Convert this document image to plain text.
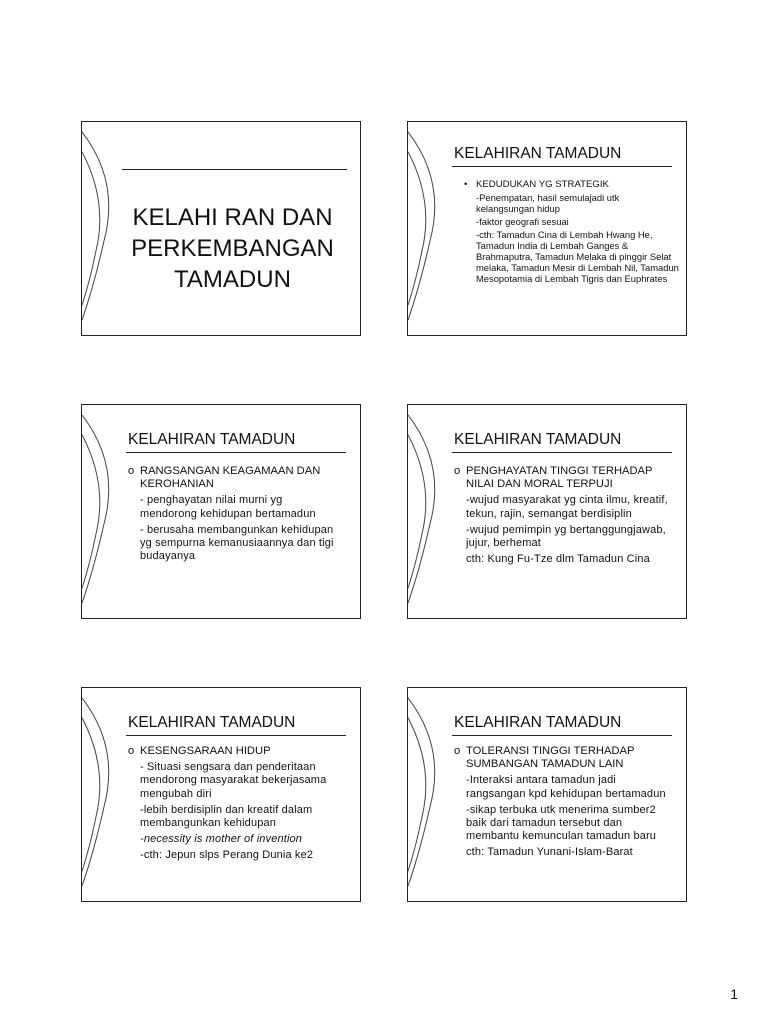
KELAHI RAN DAN
PERKEMBANGAN
TAMADUN
KELAHIRAN TAMADUN
• KEDUDUKAN YG STRATEGIK
-Penempatan, hasil semulajadi utk kelangsungan hidup
-faktor geografi sesuai
-cth: Tamadun Cina di Lembah Hwang He, Tamadun India di Lembah Ganges & Brahmaputra, Tamadun Melaka di pinggir Selat melaka, Tamadun Mesir di Lembah Nil, Tamadun Mesopotamia di Lembah Tigris dan Euphrates
KELAHIRAN TAMADUN
o RANGSANGAN KEAGAMAAN DAN KEROHANIAN
- penghayatan nilai murni yg mendorong kehidupan bertamadun
- berusaha membangunkan kehidupan yg sempurna kemanusiaannya dan tigi budayanya
KELAHIRAN TAMADUN
o PENGHAYATAN TINGGI TERHADAP NILAI DAN MORAL TERPUJI
-wujud masyarakat yg cinta ilmu, kreatif, tekun, rajin, semangat berdisiplin
-wujud pemimpin yg bertanggungjawab, jujur, berhemat
cth: Kung Fu-Tze dlm Tamadun Cina
KELAHIRAN TAMADUN
o KESENGSARAAN HIDUP
- Situasi sengsara dan penderitaan mendorong masyarakat bekerjasama mengubah diri
-lebih berdisiplin dan kreatif dalam membangunkan kehidupan
-necessity is mother of invention
-cth: Jepun slps Perang Dunia ke2
KELAHIRAN TAMADUN
o TOLERANSI TINGGI TERHADAP SUMBANGAN TAMADUN LAIN
-Interaksi antara tamadun jadi rangsangan kpd kehidupan bertamadun
-sikap terbuka utk menerima sumber2 baik dari tamadun tersebut dan membantu kemunculan tamadun baru
cth: Tamadun Yunani-Islam-Barat
1
